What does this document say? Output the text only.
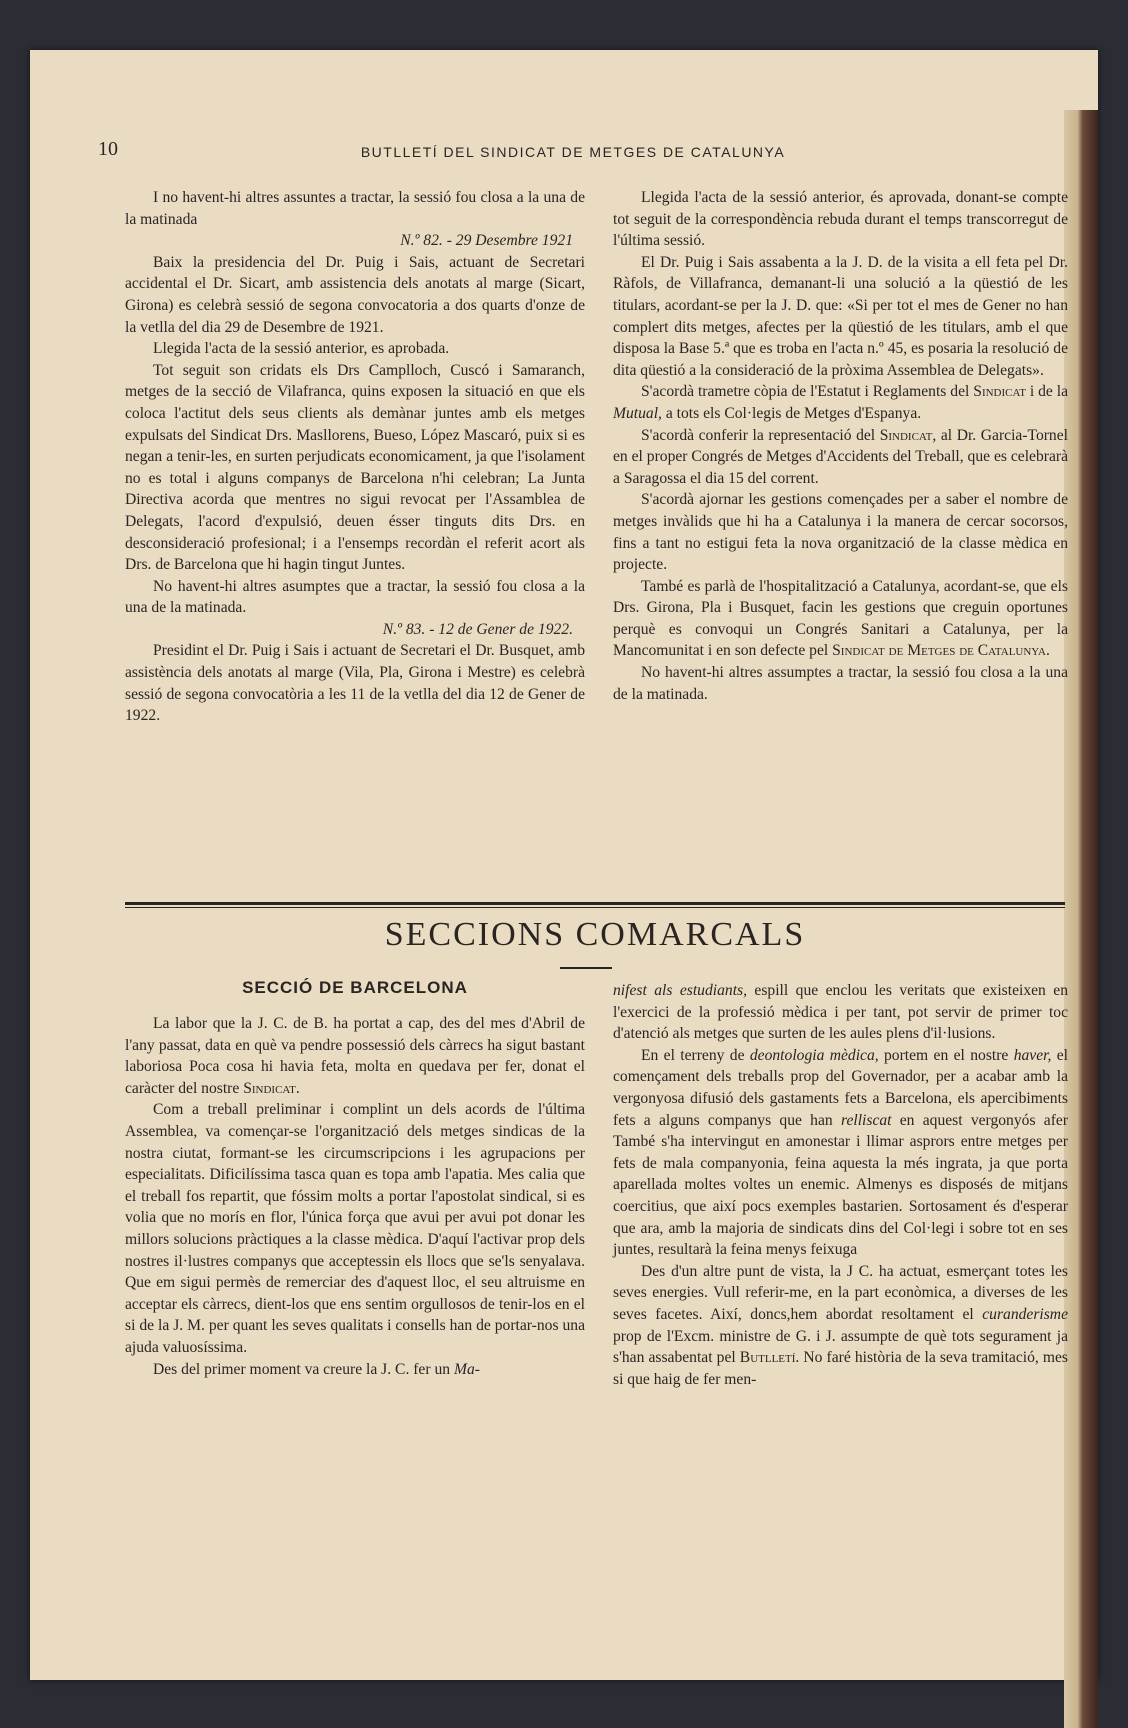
10	BUTLLETÍ DEL SINDICAT DE METGES DE CATALUNYA

I no havent-hi altres assuntes a tractar, la sessió fou closa a la una de la matinada

N.º 82. - 29 Desembre 1921

Baix la presidencia del Dr. Puig i Sais, actuant de Secretari accidental el Dr. Sicart, amb assistencia dels anotats al marge (Sicart, Girona) es celebrà sessió de segona convocatoria a dos quarts d'onze de la vetlla del dia 29 de Desembre de 1921.

Llegida l'acta de la sessió anterior, es aprobada.

Tot seguit son cridats els Drs Camplloch, Cuscó i Samaranch, metges de la secció de Vilafranca, quins exposen la situació en que els coloca l'actitut dels seus clients als demànar juntes amb els metges expulsats del Sindicat Drs. Masllorens, Bueso, López Mascaró, puix si es negan a tenir-les, en surten perjudicats economicament, ja que l'isolament no es total i alguns companys de Barcelona n'hi celebran; La Junta Directiva acorda que mentres no sigui revocat per l'Assamblea de Delegats, l'acord d'expulsió, deuen ésser tinguts dits Drs. en desconsideració profesional; i a l'ensemps recordàn el referit acort als Drs. de Barcelona que hi hagin tingut Juntes.

No havent-hi altres asumptes que a tractar, la sessió fou closa a la una de la matinada.

N.º 83. - 12 de Gener de 1922.

Presidint el Dr. Puig i Sais i actuant de Secretari el Dr. Busquet, amb assistència dels anotats al marge (Vila, Pla, Girona i Mestre) es celebrà sessió de segona convocatòria a les 11 de la vetlla del dia 12 de Gener de 1922.

Llegida l'acta de la sessió anterior, és aprovada, donant-se compte tot seguit de la correspondència rebuda durant el temps transcorregut de l'última sessió.

El Dr. Puig i Sais assabenta a la J. D. de la visita a ell feta pel Dr. Ràfols, de Villafranca, demanant-li una solució a la qüestió de les titulars, acordant-se per la J. D. que: «Si per tot el mes de Gener no han complert dits metges, afectes per la qüestió de les titulars, amb el que disposa la Base 5.ª que es troba en l'acta n.º 45, es posaria la resolució de dita qüestió a la consideració de la pròxima Assemblea de Delegats».

S'acordà trametre còpia de l'Estatut i Reglaments del Sindicat i de la Mutual, a tots els Col·legis de Metges d'Espanya.

S'acordà conferir la representació del Sindicat, al Dr. Garcia-Tornel en el proper Congrés de Metges d'Accidents del Treball, que es celebrarà a Saragossa el dia 15 del corrent.

S'acordà ajornar les gestions començades per a saber el nombre de metges invàlids que hi ha a Catalunya i la manera de cercar socorsos, fins a tant no estigui feta la nova organització de la classe mèdica en projecte.

També es parlà de l'hospitalització a Catalunya, acordant-se, que els Drs. Girona, Pla i Busquet, facin les gestions que creguin oportunes perquè es convoqui un Congrés Sanitari a Catalunya, per la Mancomunitat i en son defecte pel Sindicat de Metges de Catalunya.

No havent-hi altres assumptes a tractar, la sessió fou closa a la una de la matinada.

SECCIONS COMARCALS
SECCIÓ DE BARCELONA

La labor que la J. C. de B. ha portat a cap, des del mes d'Abril de l'any passat, data en què va pendre possessió dels càrrecs ha sigut bastant laboriosa Poca cosa hi havia feta, molta en quedava per fer, donat el caràcter del nostre Sindicat.

Com a treball preliminar i complint un dels acords de l'última Assemblea, va començar-se l'organització dels metges sindicas de la nostra ciutat, formant-se les circumscripcions i les agrupacions per especialitats. Dificilíssima tasca quan es topa amb l'apatia. Mes calia que el treball fos repartit, que fóssim molts a portar l'apostolat sindical, si es volia que no morís en flor, l'única força que avui per avui pot donar les millors solucions pràctiques a la classe mèdica. D'aquí l'activar prop dels nostres il·lustres companys que acceptessin els llocs que se'ls senyalava. Que em sigui permès de remerciar des d'aquest lloc, el seu altruisme en acceptar els càrrecs, dient-los que ens sentim orgullosos de tenir-los en el si de la J. M. per quant les seves qualitats i consells han de portar-nos una ajuda valuosíssima.

Des del primer moment va creure la J. C. fer un Ma-

nifest als estudiants, espill que enclou les veritats que existeixen en l'exercici de la professió mèdica i per tant, pot servir de primer toc d'atenció als metges que surten de les aules plens d'il·lusions.

En el terreny de deontologia mèdica, portem en el nostre haver, el començament dels treballs prop del Governador, per a acabar amb la vergonyosa difusió dels gastaments fets a Barcelona, els apercibiments fets a alguns companys que han relliscat en aquest vergonyós afer També s'ha intervingut en amonestar i llimar asprors entre metges per fets de mala companyonia, feina aquesta la més ingrata, ja que porta aparellada moltes voltes un enemic. Almenys es disposés de mitjans coercitius, que així pocs exemples bastarien. Sortosament és d'esperar que ara, amb la majoria de sindicats dins del Col·legi i sobre tot en ses juntes, resultarà la feina menys feixuga

Des d'un altre punt de vista, la J C. ha actuat, esmerçant totes les seves energies. Vull referir-me, en la part econòmica, a diverses de les seves facetes. Així, doncs,hem abordat resoltament el curanderisme prop de l'Excm. ministre de G. i J. assumpte de què tots segurament ja s'han assabentat pel Butlletí. No faré història de la seva tramitació, mes si que haig de fer men-
